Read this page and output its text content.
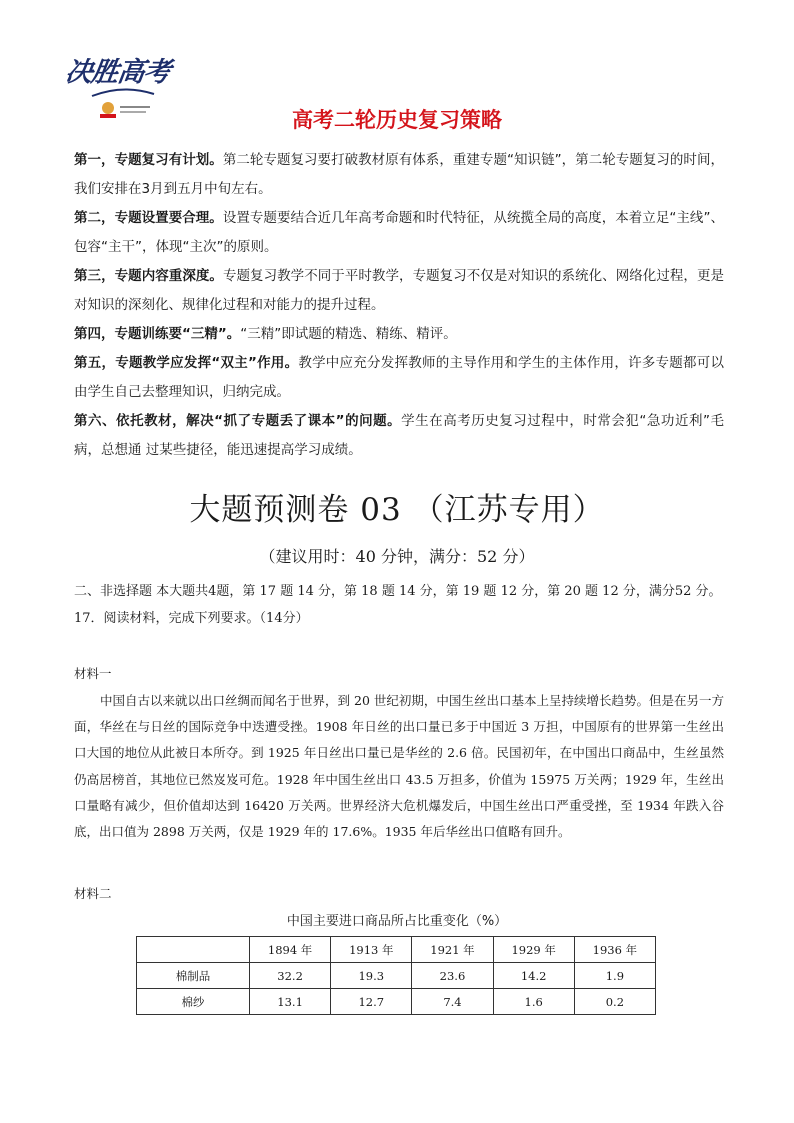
决胜高考
高考二轮历史复习策略

第一，专题复习有计划。第二轮专题复习要打破教材原有体系，重建专题“知识链”，第二轮专题复习的时间，我们安排在3月到五月中旬左右。

第二，专题设置要合理。设置专题要结合近几年高考命题和时代特征，从统揽全局的高度，本着立足“主线”、包容“主干”，体现“主次”的原则。

第三，专题内容重深度。专题复习教学不同于平时教学，专题复习不仅是对知识的系统化、网络化过程，更是对知识的深刻化、规律化过程和对能力的提升过程。

第四，专题训练要“三精”。“三精”即试题的精选、精练、精评。

第五，专题教学应发挥“双主”作用。教学中应充分发挥教师的主导作用和学生的主体作用，许多专题都可以由学生自己去整理知识，归纳完成。

第六、依托教材，解决“抓了专题丢了课本”的问题。学生在高考历史复习过程中，时常会犯“急功近利”毛病，总想通 过某些捷径，能迅速提高学习成绩。

大题预测卷 03 （江苏专用）
（建议用时：40 分钟，满分：52 分）

二、非选择题 本大题共4题，第 17 题 14 分，第 18 题 14 分，第 19 题 12 分，第 20 题 12 分，满分52 分。

17．阅读材料，完成下列要求。（14分）

材料一

中国自古以来就以出口丝绸而闻名于世界，到 20 世纪初期，中国生丝出口基本上呈持续增长趋势。但是在另一方面，华丝在与日丝的国际竞争中迭遭受挫。1908 年日丝的出口量已多于中国近 3 万担，中国原有的世界第一生丝出口大国的地位从此被日本所夺。到 1925 年日丝出口量已是华丝的 2.6 倍。民国初年，在中国出口商品中，生丝虽然仍高居榜首，其地位已然岌岌可危。1928 年中国生丝出口 43.5 万担多，价值为 15975 万关两；1929 年，生丝出口量略有减少，但价值却达到 16420 万关两。世界经济大危机爆发后，中国生丝出口严重受挫，至 1934 年跌入谷底，出口值为 2898 万关两，仅是 1929 年的 17.6%。1935 年后华丝出口值略有回升。

材料二
中国主要进口商品所占比重变化（%）
	1894 年	1913 年	1921 年	1929 年	1936 年
棉制品	32.2	19.3	23.6	14.2	1.9
棉纱	13.1	12.7	7.4	1.6	0.2
